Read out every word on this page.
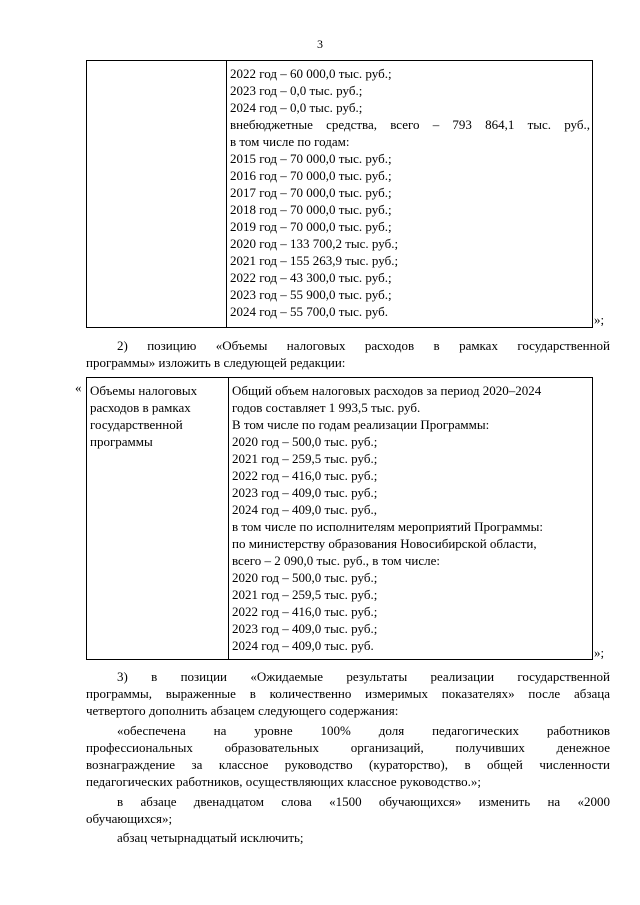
3
2022 год – 60 000,0 тыс. руб.;
2023 год – 0,0 тыс. руб.;
2024 год – 0,0 тыс. руб.;
внебюджетные средства, всего – 793 864,1 тыс. руб.,
в том числе по годам:
2015 год – 70 000,0 тыс. руб.;
2016 год – 70 000,0 тыс. руб.;
2017 год – 70 000,0 тыс. руб.;
2018 год – 70 000,0 тыс. руб.;
2019 год – 70 000,0 тыс. руб.;
2020 год – 133 700,2 тыс. руб.;
2021 год – 155 263,9 тыс. руб.;
2022 год – 43 300,0 тыс. руб.;
2023 год – 55 900,0 тыс. руб.;
2024 год – 55 700,0 тыс. руб.
»;
2) позицию «Объемы налоговых расходов в рамках государственной
программы» изложить в следующей редакции:
« Объемы налоговых
расходов в рамках
государственной
программы
Общий объем налоговых расходов за период 2020–2024
годов составляет 1 993,5 тыс. руб.
В том числе по годам реализации Программы:
2020 год – 500,0 тыс. руб.;
2021 год – 259,5 тыс. руб.;
2022 год – 416,0 тыс. руб.;
2023 год – 409,0 тыс. руб.;
2024 год – 409,0 тыс. руб.,
в том числе по исполнителям мероприятий Программы:
по министерству образования Новосибирской области,
всего – 2 090,0 тыс. руб., в том числе:
2020 год – 500,0 тыс. руб.;
2021 год – 259,5 тыс. руб.;
2022 год – 416,0 тыс. руб.;
2023 год – 409,0 тыс. руб.;
2024 год – 409,0 тыс. руб.	»;
3) в позиции «Ожидаемые результаты реализации государственной
программы, выраженные в количественно измеримых показателях» после абзаца
четвертого дополнить абзацем следующего содержания:
«обеспечена на уровне 100% доля педагогических работников
профессиональных образовательных организаций, получивших денежное
вознаграждение за классное руководство (кураторство), в общей численности
педагогических работников, осуществляющих классное руководство.»;
в абзаце двенадцатом слова «1500 обучающихся» изменить на «2000
обучающихся»;
абзац четырнадцатый исключить;
